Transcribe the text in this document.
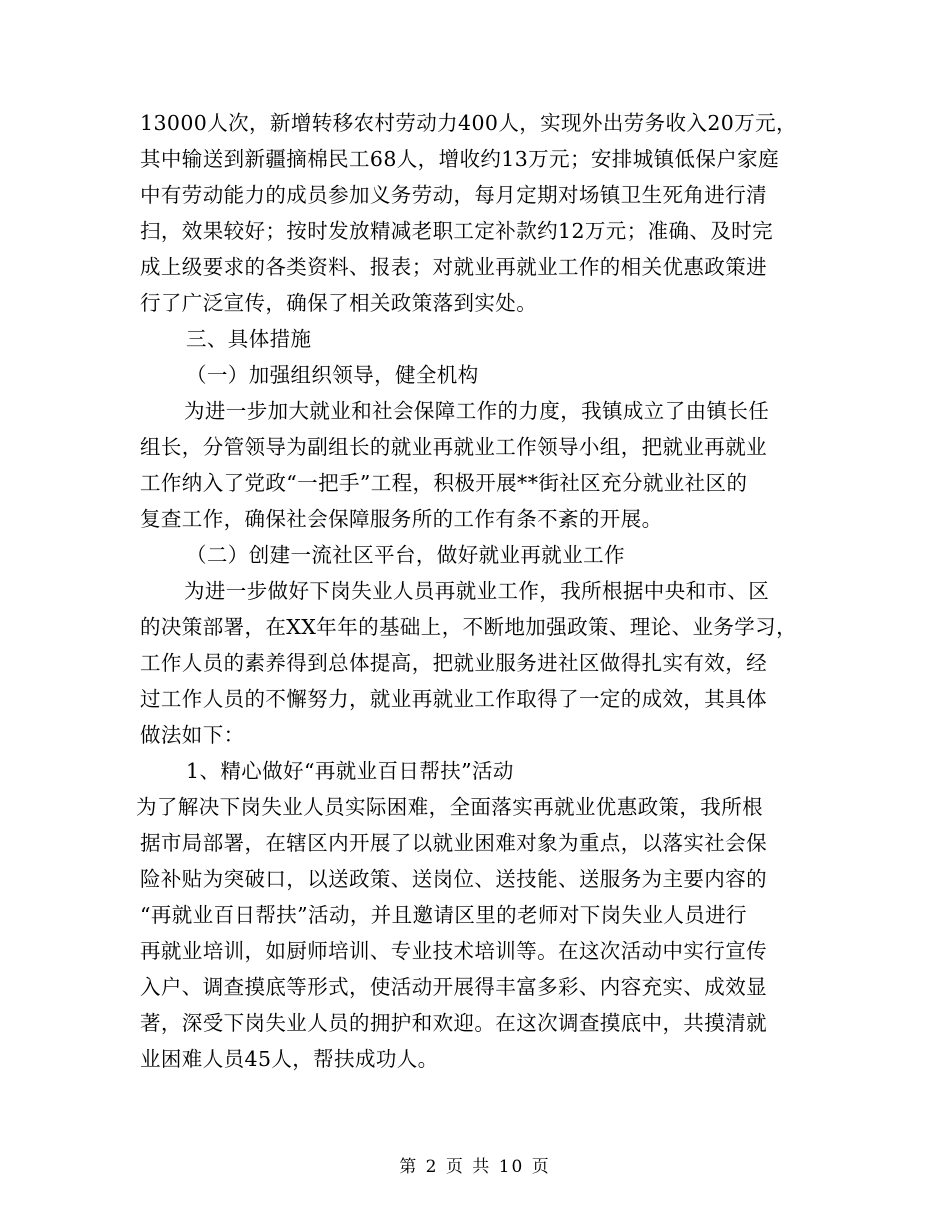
13000人次，新增转移农村劳动力400人，实现外出劳务收入20万元，
其中输送到新疆摘棉民工68人，增收约13万元；安排城镇低保户家庭
中有劳动能力的成员参加义务劳动，每月定期对场镇卫生死角进行清
扫，效果较好；按时发放精减老职工定补款约12万元；准确、及时完
成上级要求的各类资料、报表；对就业再就业工作的相关优惠政策进
行了广泛宣传，确保了相关政策落到实处。
三、具体措施
（一）加强组织领导，健全机构
为进一步加大就业和社会保障工作的力度，我镇成立了由镇长任
组长，分管领导为副组长的就业再就业工作领导小组，把就业再就业
工作纳入了党政“一把手”工程，积极开展**街社区充分就业社区的
复查工作，确保社会保障服务所的工作有条不紊的开展。
（二）创建一流社区平台，做好就业再就业工作
为进一步做好下岗失业人员再就业工作，我所根据中央和市、区
的决策部署，在XX年年的基础上，不断地加强政策、理论、业务学习，
工作人员的素养得到总体提高，把就业服务进社区做得扎实有效，经
过工作人员的不懈努力，就业再就业工作取得了一定的成效，其具体
做法如下：
1、精心做好“再就业百日帮扶”活动
为了解决下岗失业人员实际困难，全面落实再就业优惠政策，我所根
据市局部署，在辖区内开展了以就业困难对象为重点，以落实社会保
险补贴为突破口，以送政策、送岗位、送技能、送服务为主要内容的
“再就业百日帮扶”活动，并且邀请区里的老师对下岗失业人员进行
再就业培训，如厨师培训、专业技术培训等。在这次活动中实行宣传
入户、调查摸底等形式，使活动开展得丰富多彩、内容充实、成效显
著，深受下岗失业人员的拥护和欢迎。在这次调查摸底中，共摸清就
业困难人员45人，帮扶成功人。
第 2 页 共 10 页
